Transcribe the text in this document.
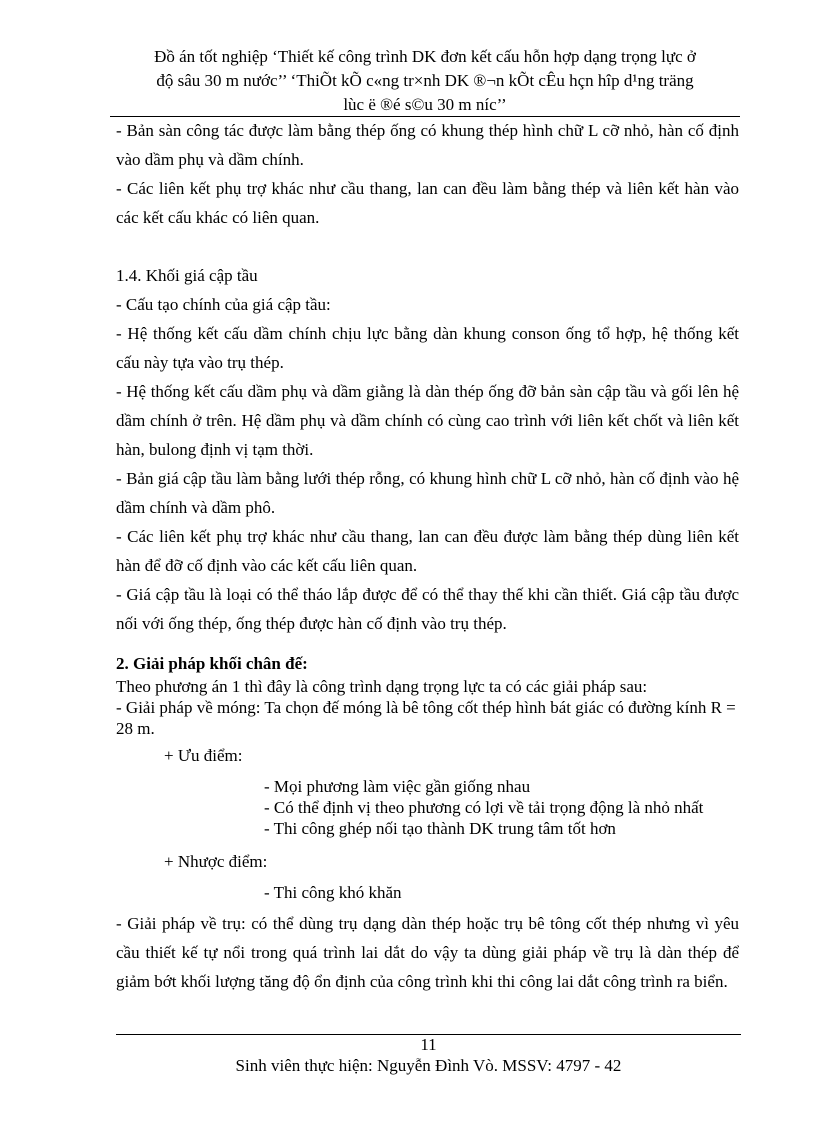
Đồ án tốt nghiệp ‘Thiết kế công trình DK đơn kết cấu hỗn hợp dạng trọng lực ở
độ sâu 30 m nước’’ ‘ThiÕt kÕ c«ng tr×nh DK ®¬n kÕt cÊu hçn hîp d¹ng träng
lùc ë ®é s©u 30 m níc’’

- Bản sàn công tác được làm bằng thép ống có khung thép hình chữ L cỡ nhỏ, hàn cố định vào dầm phụ và dầm chính.

- Các liên kết phụ trợ khác như cầu thang, lan can đều làm bằng thép và liên kết hàn vào các kết cấu khác có liên quan.

1.4. Khối giá cập tầu

- Cấu tạo chính của giá cập tầu:

- Hệ thống kết cấu dầm chính chịu lực bằng dàn khung conson ống tổ hợp, hệ thống kết cấu này tựa vào trụ thép.

- Hệ thống kết cấu dầm phụ và dầm giằng là dàn thép ống đỡ bản sàn cập tầu và gối lên hệ dầm chính ở trên. Hệ dầm phụ và dầm chính có cùng cao trình với liên kết chốt và liên kết hàn, bulong định vị tạm thời.

- Bản giá cập tầu làm bằng lưới thép rỗng, có khung hình chữ L cỡ nhỏ, hàn cố định vào hệ dầm chính và dầm phô.

- Các liên kết phụ trợ khác như cầu thang, lan can đều được làm bằng thép dùng liên kết hàn để đỡ cố định vào các kết cấu liên quan.

- Giá cập tầu là loại có thể tháo lắp được để có thể thay thế khi cần thiết. Giá cập tầu được nối với ống thép, ống thép được hàn cố định vào trụ thép.

2. Giải pháp khối chân đế:

Theo phương án 1 thì đây là công trình dạng trọng lực ta có các giải pháp sau:

- Giải pháp về móng: Ta chọn đế móng là bê tông cốt thép hình bát giác có đường kính R = 28 m.

+ Ưu điểm:

- Mọi phương làm việc gần giống nhau

- Có thể định vị theo phương có lợi về tải trọng động là nhỏ nhất

- Thi công ghép nối tạo thành DK trung tâm tốt hơn

+ Nhược điểm:

- Thi công khó khăn

- Giải pháp về trụ: có thể dùng trụ dạng dàn thép hoặc trụ bê tông cốt thép nhưng vì yêu cầu thiết kế tự nổi trong quá trình lai dắt do vậy ta dùng giải pháp về trụ là dàn thép để giảm bớt khối lượng tăng độ ổn định của công trình khi thi công lai dắt công trình ra biển.

11
Sinh viên thực hiện: Nguyễn Đình Vò. MSSV: 4797 - 42
